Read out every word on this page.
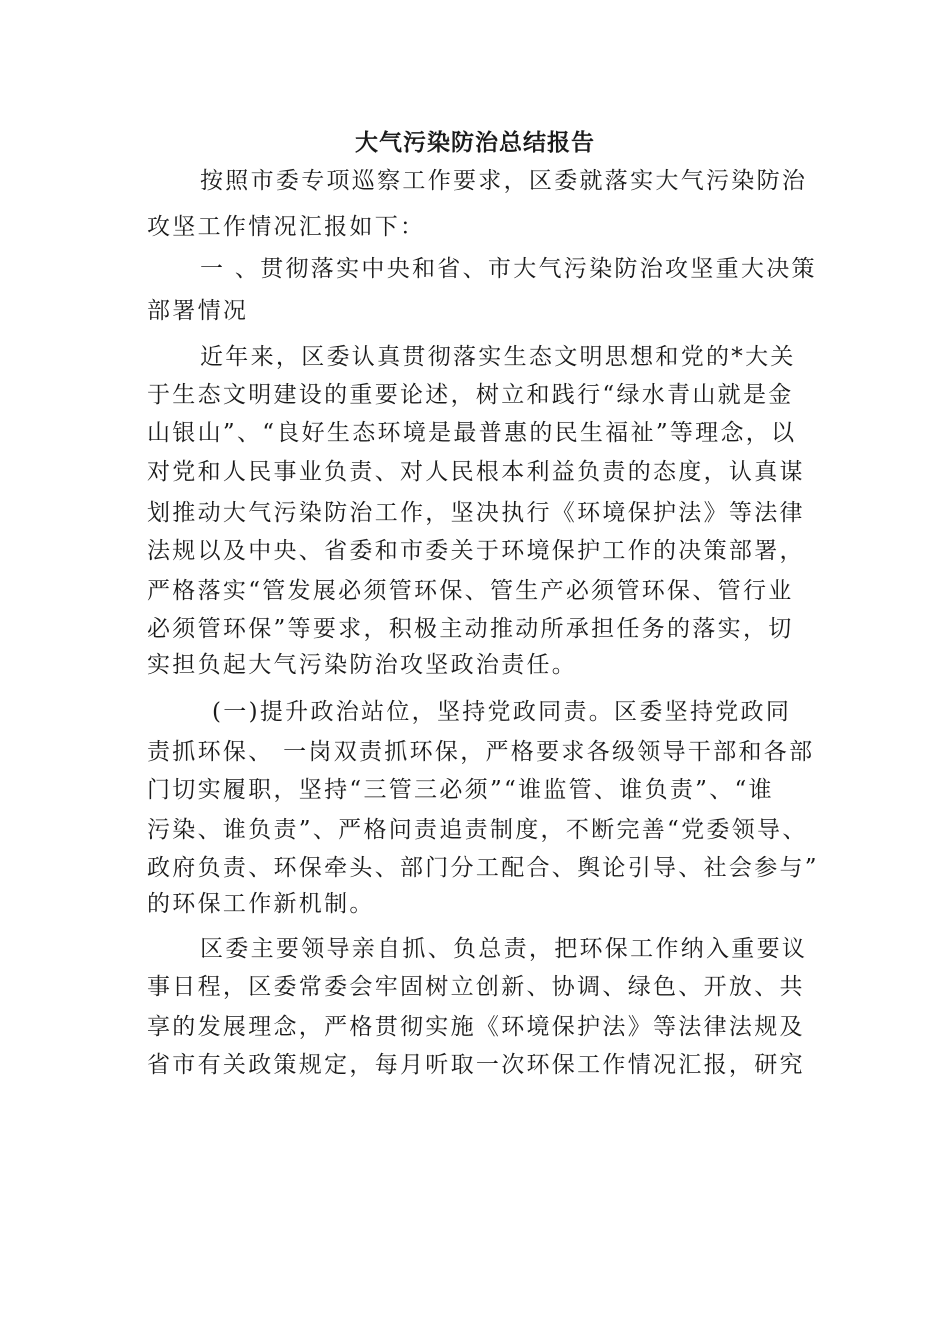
大气污染防治总结报告
按照市委专项巡察工作要求，区委就落实大气污染防治
攻坚工作情况汇报如下：
一 、贯彻落实中央和省、市大气污染防治攻坚重大决策
部署情况
近年来，区委认真贯彻落实生态文明思想和党的*大关
于生态文明建设的重要论述，树立和践行“绿水青山就是金
山银山”、“良好生态环境是最普惠的民生福祉”等理念，以
对党和人民事业负责、对人民根本利益负责的态度，认真谋
划推动大气污染防治工作，坚决执行《环境保护法》等法律
法规以及中央、省委和市委关于环境保护工作的决策部署，
严格落实“管发展必须管环保、管生产必须管环保、管行业
必须管环保”等要求，积极主动推动所承担任务的落实，切
实担负起大气污染防治攻坚政治责任。
(一)提升政治站位，坚持党政同责。区委坚持党政同
责抓环保、 一岗双责抓环保，严格要求各级领导干部和各部
门切实履职，坚持“三管三必须”“谁监管、谁负责”、“谁
污染、谁负责”、严格问责追责制度，不断完善“党委领导、
政府负责、环保牵头、部门分工配合、舆论引导、社会参与”
的环保工作新机制。
区委主要领导亲自抓、负总责，把环保工作纳入重要议
事日程，区委常委会牢固树立创新、协调、绿色、开放、共
享的发展理念，严格贯彻实施《环境保护法》等法律法规及
省市有关政策规定，每月听取一次环保工作情况汇报，研究
